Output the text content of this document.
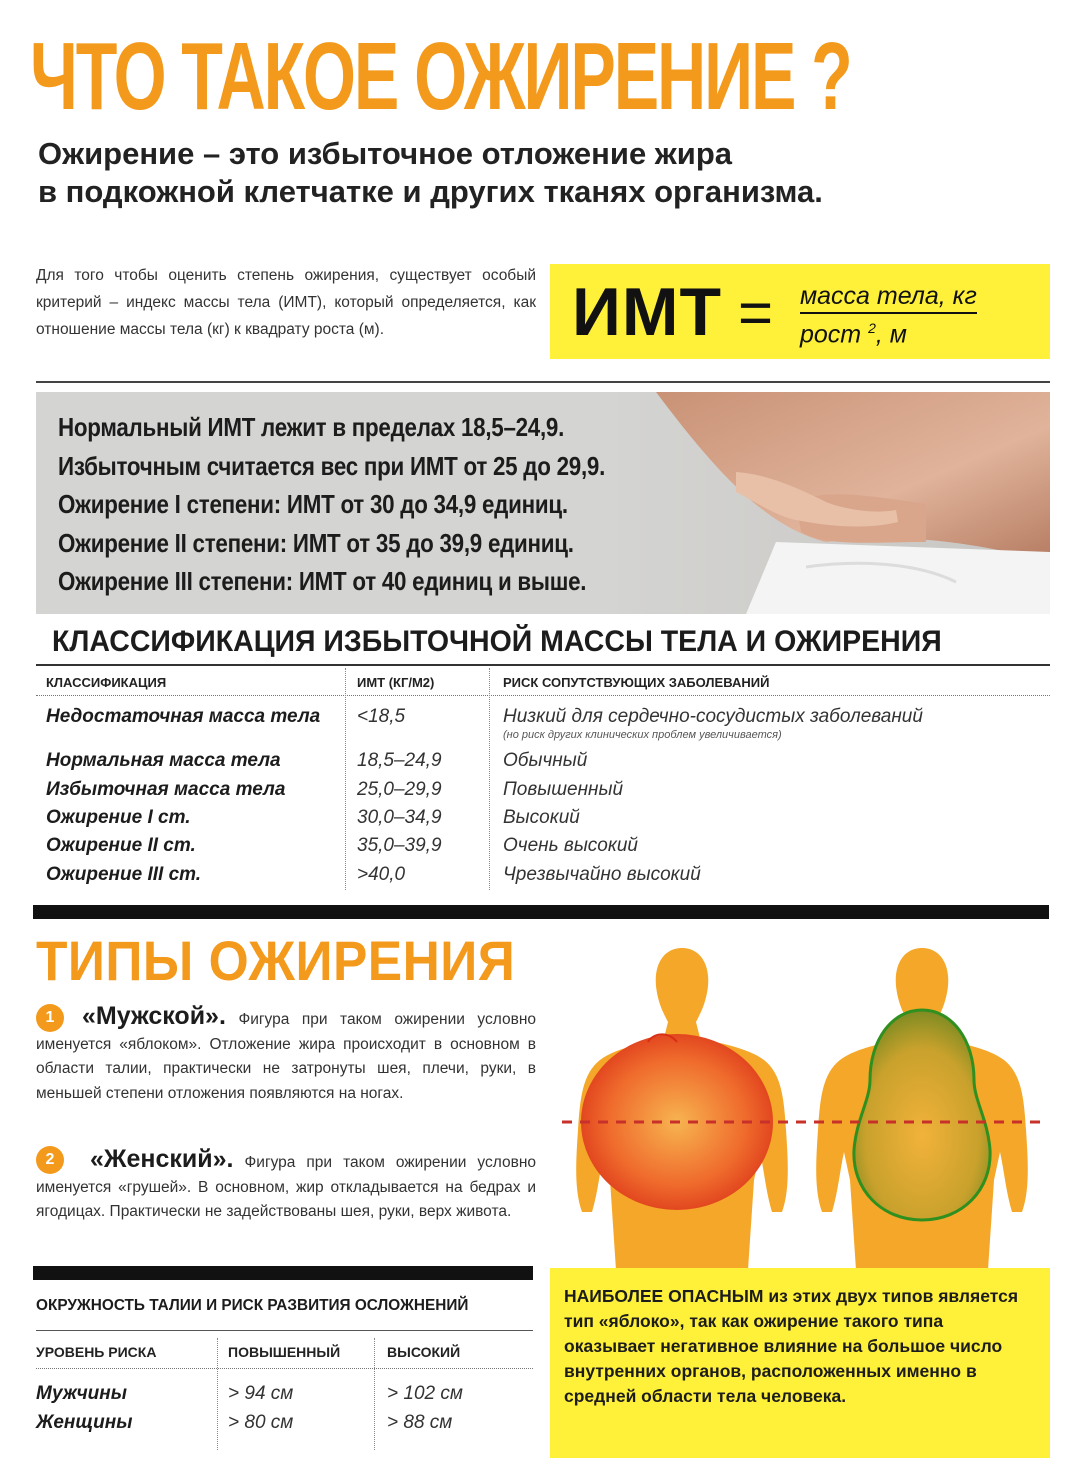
ЧТО ТАКОЕ ОЖИРЕНИЕ ?
Ожирение – это избыточное отложение жира
в подкожной клетчатке и других тканях организма.
Для того чтобы оценить степень ожирения, существует особый критерий – индекс массы тела (ИМТ), который определяется, как отношение массы тела (кг) к квадрату роста (м).	ИМТ = масса тела, кг
рост $^2$, м
Нормальный ИМТ лежит в пределах 18,5–24,9.
Избыточным считается вес при ИМТ от 25 до 29,9.
Ожирение I степени: ИМТ от 30 до 34,9 единиц.
Ожирение II степени: ИМТ от 35 до 39,9 единиц.
Ожирение III степени: ИМТ от 40 единиц и выше.
КЛАССИФИКАЦИЯ ИЗБЫТОЧНОЙ МАССЫ ТЕЛА И ОЖИРЕНИЯ
КЛАССИФИКАЦИЯ	ИМТ (КГ/М2)	РИСК СОПУТСТВУЮЩИХ ЗАБОЛЕВАНИЙ
Недостаточная масса тела <18,5	Низкий для сердечно-сосудистых заболеваний
(но риск других клинических проблем увеличивается)
Нормальная масса тела	18,5–24,9	Обычный
Избыточная масса тела	25,0–29,9	Повышенный
Ожирение I ст.	30,0–34,9	Высокий
Ожирение II ст.	35,0–39,9	Очень высокий
Ожирение III ст.	>40,0	Чрезвычайно высокий
ТИПЫ ОЖИРЕНИЯ
1	«Мужской». Фигура при таком ожирении условно именуется «яблоком». Отложение жира происходит в основном в области талии, практически не затронуты шея, плечи, руки, в меньшей степени отложения появляются на ногах.
2	«Женский». Фигура при таком ожирении условно именуется «грушей». В основном, жир откладывается на бедрах и ягодицах. Практически не задействованы шея, руки, верх живота.
ОКРУЖНОСТЬ ТАЛИИ И РИСК РАЗВИТИЯ ОСЛОЖНЕНИЙ
УРОВЕНЬ РИСКА	ПОВЫШЕННЫЙ	ВЫСОКИЙ
Мужчины	> 94 см	> 102 см
Женщины	> 80 см	> 88 см

НАИБОЛЕЕ ОПАСНЫМ из этих двух типов является тип «яблоко», так как ожирение такого типа оказывает негативное влияние на большое число внутренних органов, расположенных именно в средней области тела человека.
